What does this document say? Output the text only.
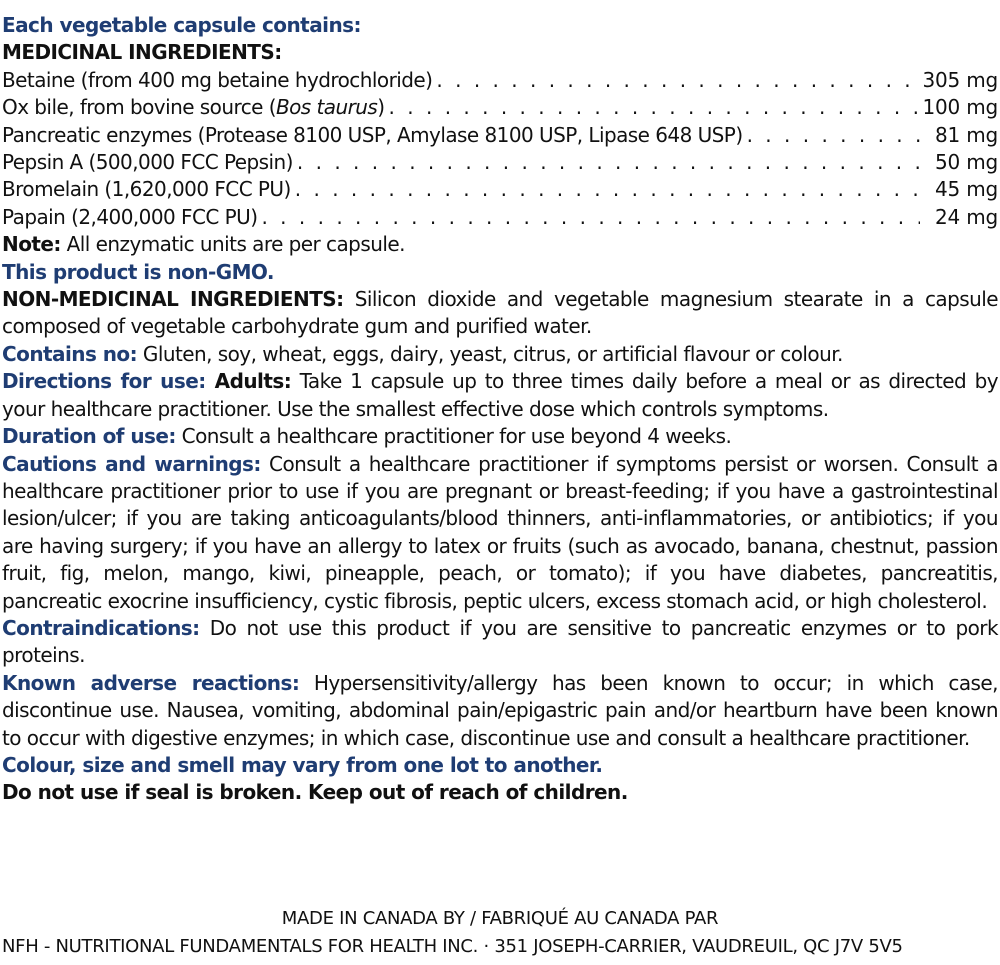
Each vegetable capsule contains:
MEDICINAL INGREDIENTS:
Betaine (from 400 mg betaine hydrochloride) . . .	305 mg
Ox bile, from bovine source (Bos taurus) . . .	100 mg
Pancreatic enzymes (Protease 8100 USP, Amylase 8100 USP, Lipase 648 USP) . . .	81 mg
Pepsin A (500,000 FCC Pepsin) . . .	50 mg
Bromelain (1,620,000 FCC PU) . . .	45 mg
Papain (2,400,000 FCC PU) . . .	24 mg
Note: All enzymatic units are per capsule.
This product is non-GMO.
NON-MEDICINAL INGREDIENTS: Silicon dioxide and vegetable magnesium stearate in a capsule composed of vegetable carbohydrate gum and purified water.
Contains no: Gluten, soy, wheat, eggs, dairy, yeast, citrus, or artificial flavour or colour.
Directions for use: Adults: Take 1 capsule up to three times daily before a meal or as directed by your healthcare practitioner. Use the smallest effective dose which controls symptoms.
Duration of use: Consult a healthcare practitioner for use beyond 4 weeks.
Cautions and warnings: Consult a healthcare practitioner if symptoms persist or worsen. Consult a healthcare practitioner prior to use if you are pregnant or breast-feeding; if you have a gastrointestinal lesion/ulcer; if you are taking anticoagulants/blood thinners, anti-inflammatories, or antibiotics; if you are having surgery; if you have an allergy to latex or fruits (such as avocado, banana, chestnut, passion fruit, fig, melon, mango, kiwi, pineapple, peach, or tomato); if you have diabetes, pancreatitis, pancreatic exocrine insufficiency, cystic fibrosis, peptic ulcers, excess stomach acid, or high cholesterol.
Contraindications: Do not use this product if you are sensitive to pancreatic enzymes or to pork proteins.
Known adverse reactions: Hypersensitivity/allergy has been known to occur; in which case, discontinue use. Nausea, vomiting, abdominal pain/epigastric pain and/or heartburn have been known to occur with digestive enzymes; in which case, discontinue use and consult a healthcare practitioner.
Colour, size and smell may vary from one lot to another.
Do not use if seal is broken. Keep out of reach of children.
MADE IN CANADA BY / FABRIQUÉ AU CANADA PAR
NFH - NUTRITIONAL FUNDAMENTALS FOR HEALTH INC. · 351 JOSEPH-CARRIER, VAUDREUIL, QC J7V 5V5
